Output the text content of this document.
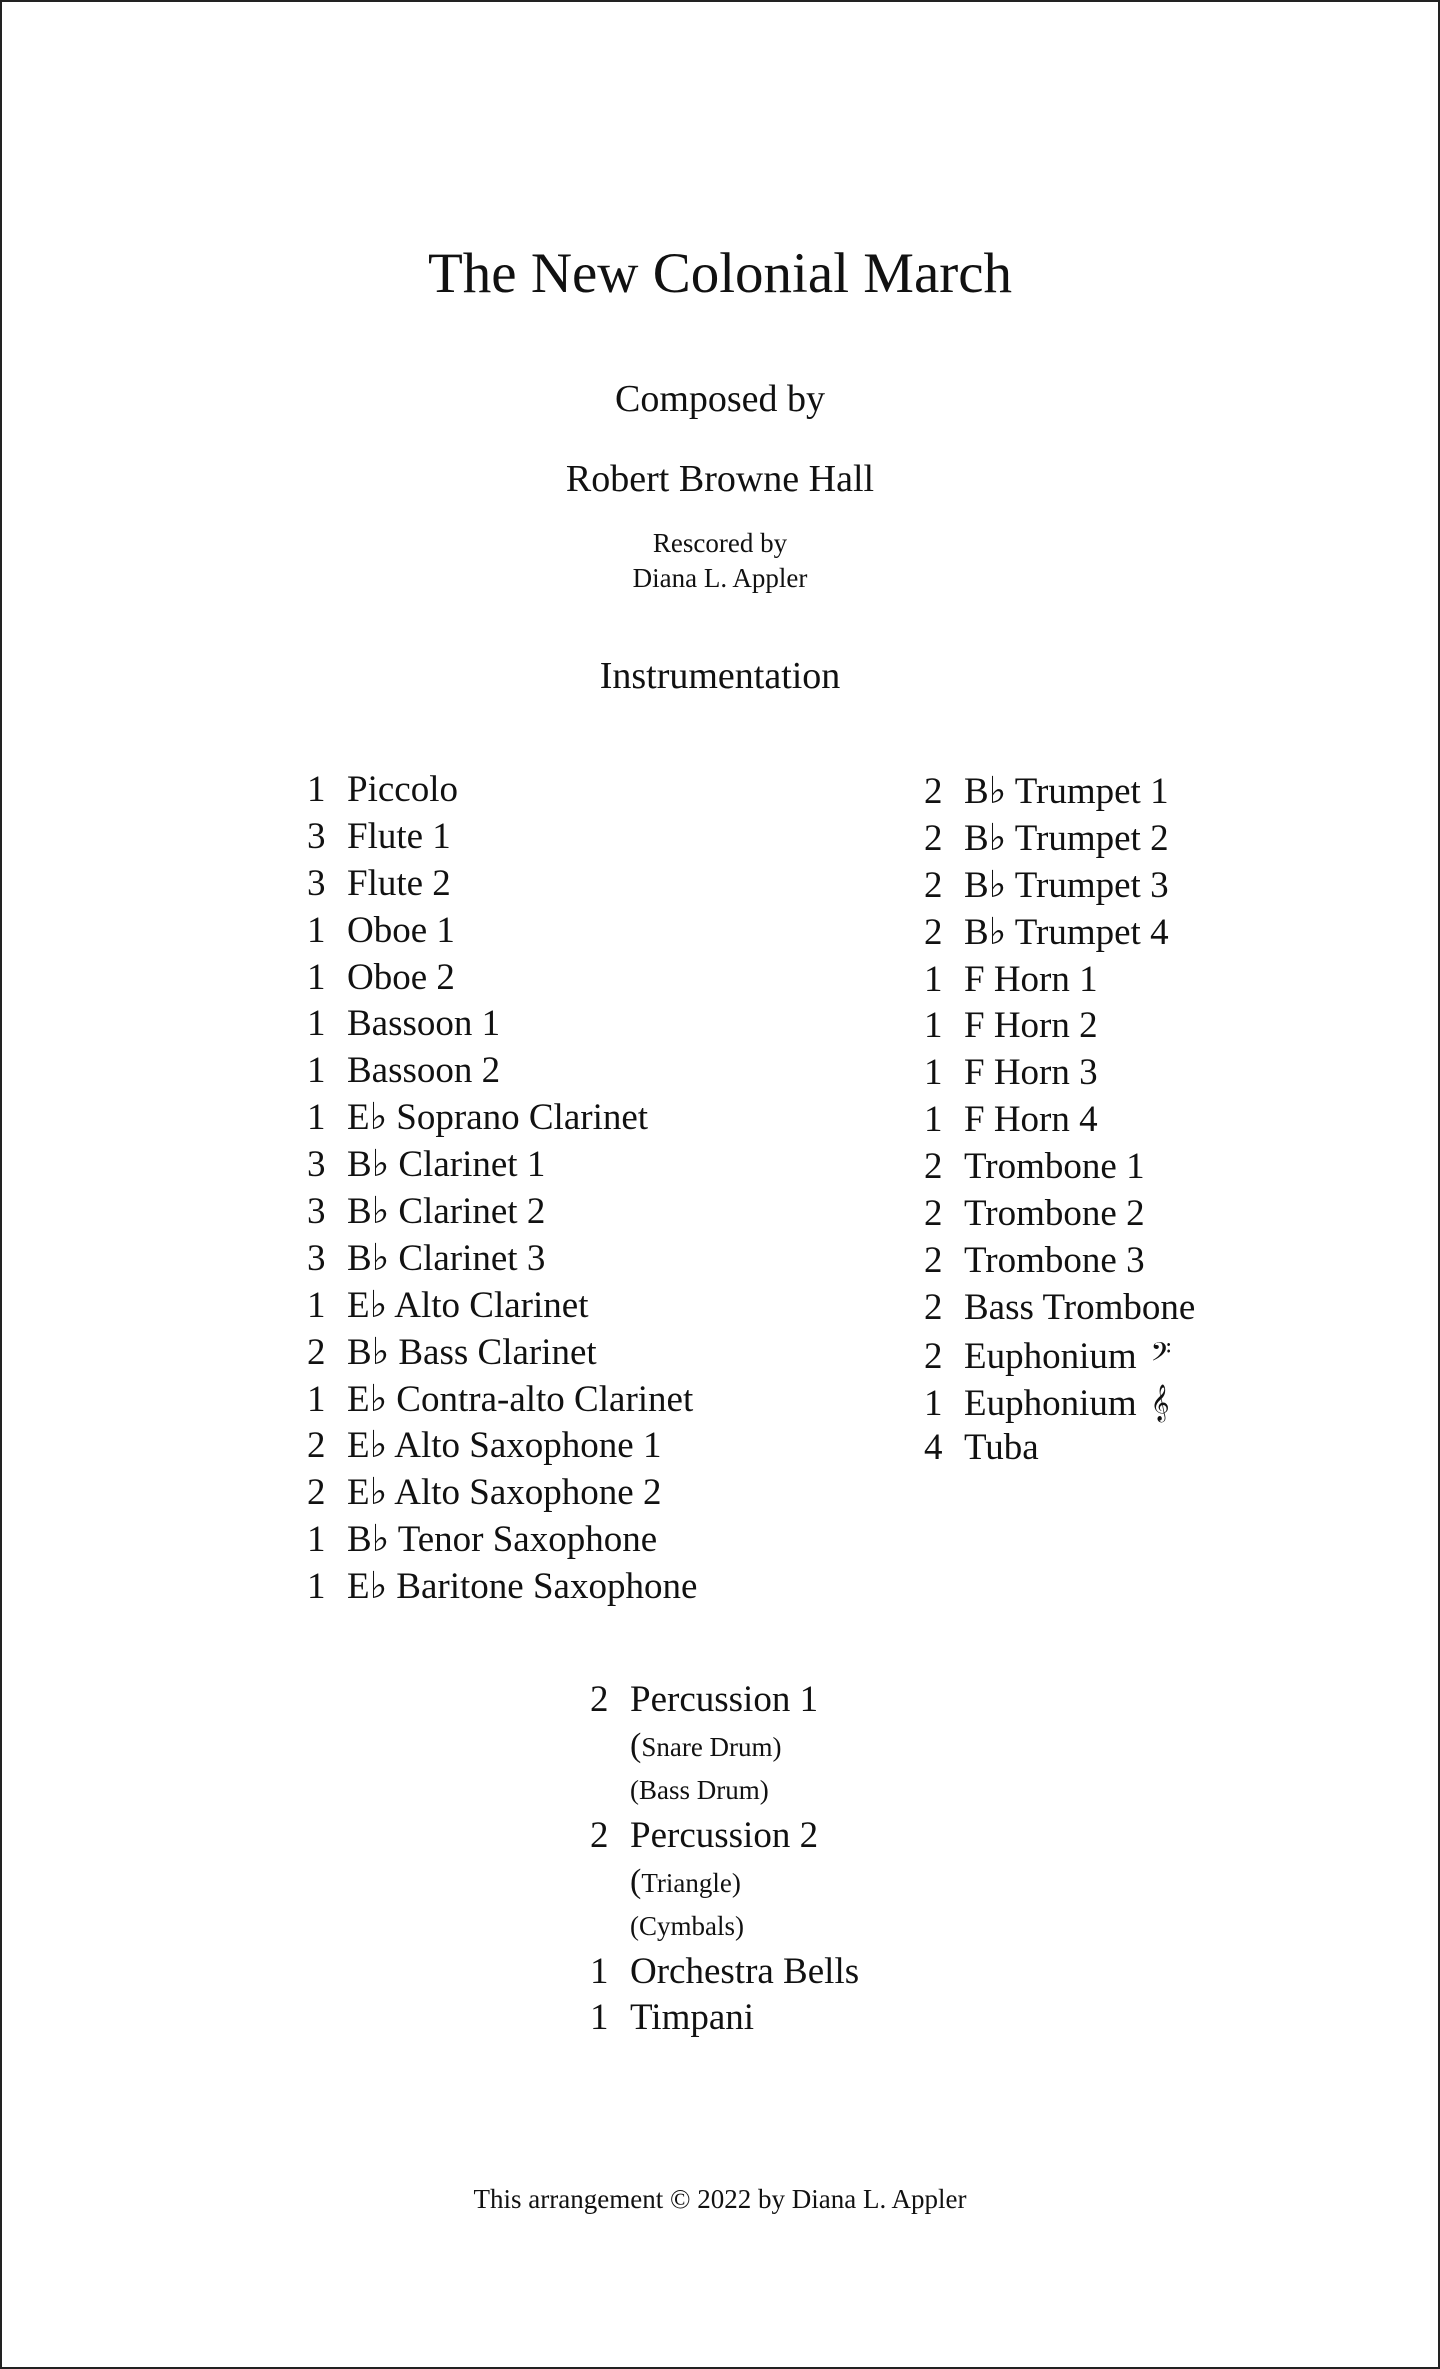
The New Colonial March
Composed by
Robert Browne Hall
Rescored by
Diana L. Appler
Instrumentation
1 Piccolo
3 Flute 1
3 Flute 2
1 Oboe 1
1 Oboe 2
1 Bassoon 1
1 Bassoon 2
1 E♭ Soprano Clarinet
3 B♭ Clarinet 1
3 B♭ Clarinet 2
3 B♭ Clarinet 3
1 E♭ Alto Clarinet
2 B♭ Bass Clarinet
1 E♭ Contra-alto Clarinet
2 E♭ Alto Saxophone 1
2 E♭ Alto Saxophone 2
1 B♭ Tenor Saxophone
1 E♭ Baritone Saxophone
2 B♭ Trumpet 1
2 B♭ Trumpet 2
2 B♭ Trumpet 3
2 B♭ Trumpet 4
1 F Horn 1
1 F Horn 2
1 F Horn 3
1 F Horn 4
2 Trombone 1
2 Trombone 2
2 Trombone 3
2 Bass Trombone
2 Euphonium 𝄢
1 Euphonium 𝄞
4 Tuba
2 Percussion 1
(Snare Drum)
(Bass Drum)
2 Percussion 2
(Triangle)
(Cymbals)
1 Orchestra Bells
1 Timpani
This arrangement © 2022 by Diana L. Appler
